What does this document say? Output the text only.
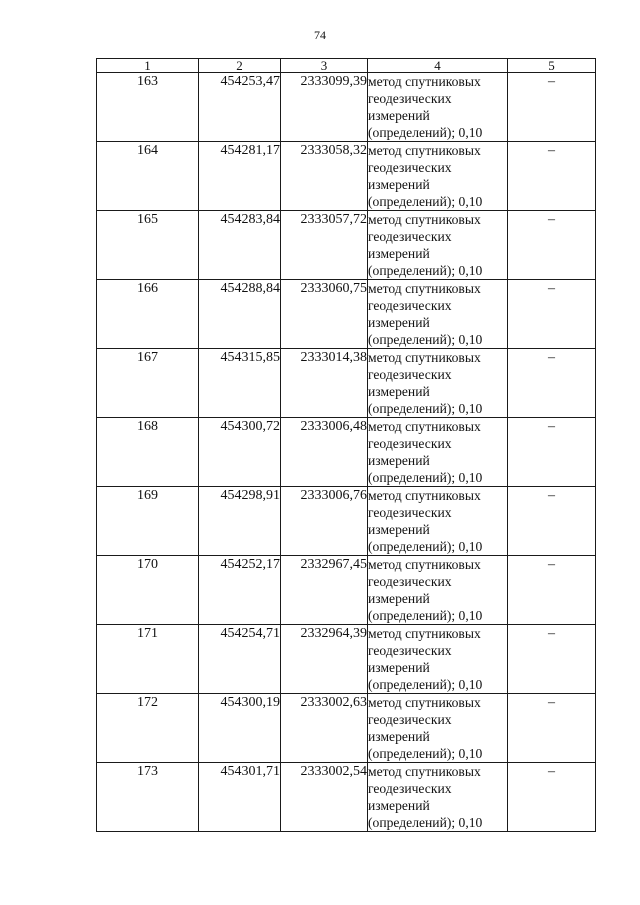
74
1	2	3	4	5
163	454253,47	2333099,39	метод спутниковых
геодезических
измерений
(определений); 0,10	–
164	454281,17	2333058,32	метод спутниковых
геодезических
измерений
(определений); 0,10	–
165	454283,84	2333057,72	метод спутниковых
геодезических
измерений
(определений); 0,10	–
166	454288,84	2333060,75	метод спутниковых
геодезических
измерений
(определений); 0,10	–
167	454315,85	2333014,38	метод спутниковых
геодезических
измерений
(определений); 0,10	–
168	454300,72	2333006,48	метод спутниковых
геодезических
измерений
(определений); 0,10	–
169	454298,91	2333006,76	метод спутниковых
геодезических
измерений
(определений); 0,10	–
170	454252,17	2332967,45	метод спутниковых
геодезических
измерений
(определений); 0,10	–
171	454254,71	2332964,39	метод спутниковых
геодезических
измерений
(определений); 0,10	–
172	454300,19	2333002,63	метод спутниковых
геодезических
измерений
(определений); 0,10	–
173	454301,71	2333002,54	метод спутниковых
геодезических
измерений
(определений); 0,10	–
